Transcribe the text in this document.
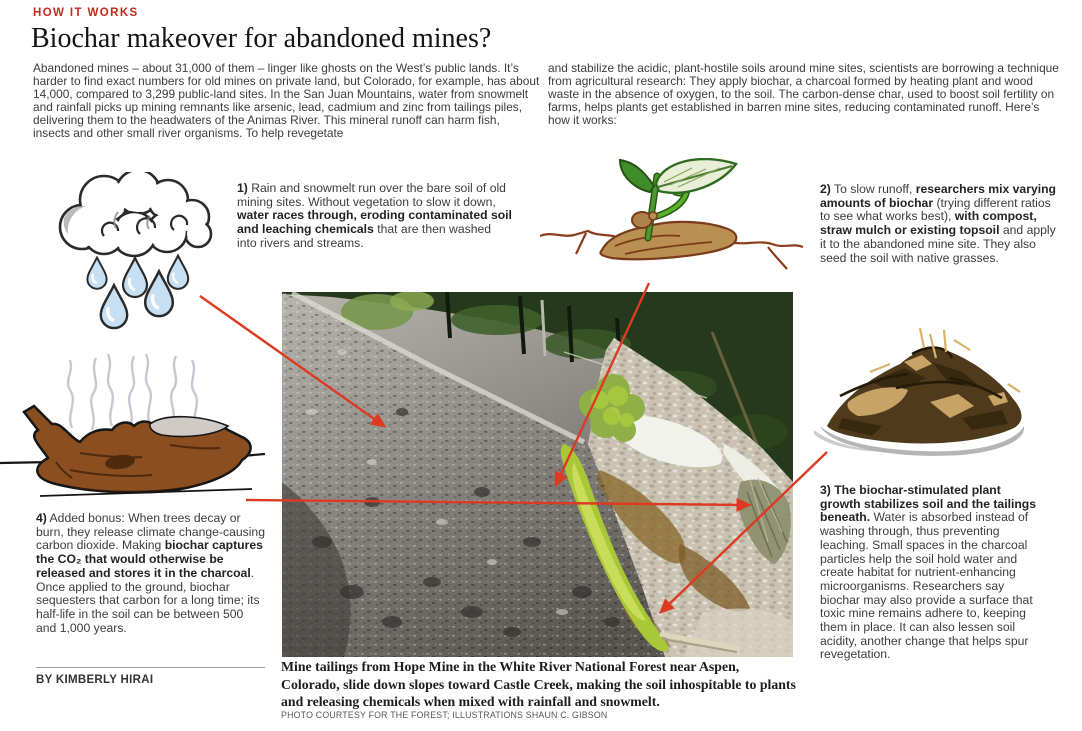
HOW IT WORKS
Biochar makeover for abandoned mines?

Abandoned mines – about 31,000 of them – linger like ghosts on the West’s public lands. It’s harder to find exact numbers for old mines on private land, but Colorado, for example, has about 14,000, compared to 3,299 public-land sites. In the San Juan Mountains, water from snowmelt and rainfall picks up mining remnants like arsenic, lead, cadmium and zinc from tailings piles, delivering them to the headwaters of the Animas River. This mineral runoff can harm fish, insects and other small river organisms. To help revegetate

and stabilize the acidic, plant-hostile soils around mine sites, scientists are borrowing a technique from agricultural research: They apply biochar, a charcoal formed by heating plant and wood waste in the absence of oxygen, to the soil. The carbon-dense char, used to boost soil fertility on farms, helps plants get established in barren mine sites, reducing contaminated runoff. Here’s how it works:

1) Rain and snowmelt run over the bare soil of old mining sites. Without vegetation to slow it down, water races through, eroding contaminated soil and leaching chemicals that are then washed into rivers and streams.

2) To slow runoff, researchers mix varying amounts of biochar (trying different ratios to see what works best), with compost, straw mulch or existing topsoil and apply it to the abandoned mine site. They also seed the soil with native grasses.

3) The biochar-stimulated plant growth stabilizes soil and the tailings beneath. Water is absorbed instead of washing through, thus preventing leaching. Small spaces in the charcoal particles help the soil hold water and create habitat for nutrient-enhancing microorganisms. Researchers say biochar may also provide a surface that toxic mine remains adhere to, keeping them in place. It can also lessen soil acidity, another change that helps spur revegetation.

4) Added bonus: When trees decay or burn, they release climate change-causing carbon dioxide. Making biochar captures the CO₂ that would otherwise be released and stores it in the charcoal. Once applied to the ground, biochar sequesters that carbon for a long time; its half-life in the soil can be between 500 and 1,000 years.

BY KIMBERLY HIRAI

Mine tailings from Hope Mine in the White River National Forest near Aspen, Colorado, slide down slopes toward Castle Creek, making the soil inhospitable to plants and releasing chemicals when mixed with rainfall and snowmelt.

PHOTO COURTESY FOR THE FOREST; ILLUSTRATIONS SHAUN C. GIBSON
